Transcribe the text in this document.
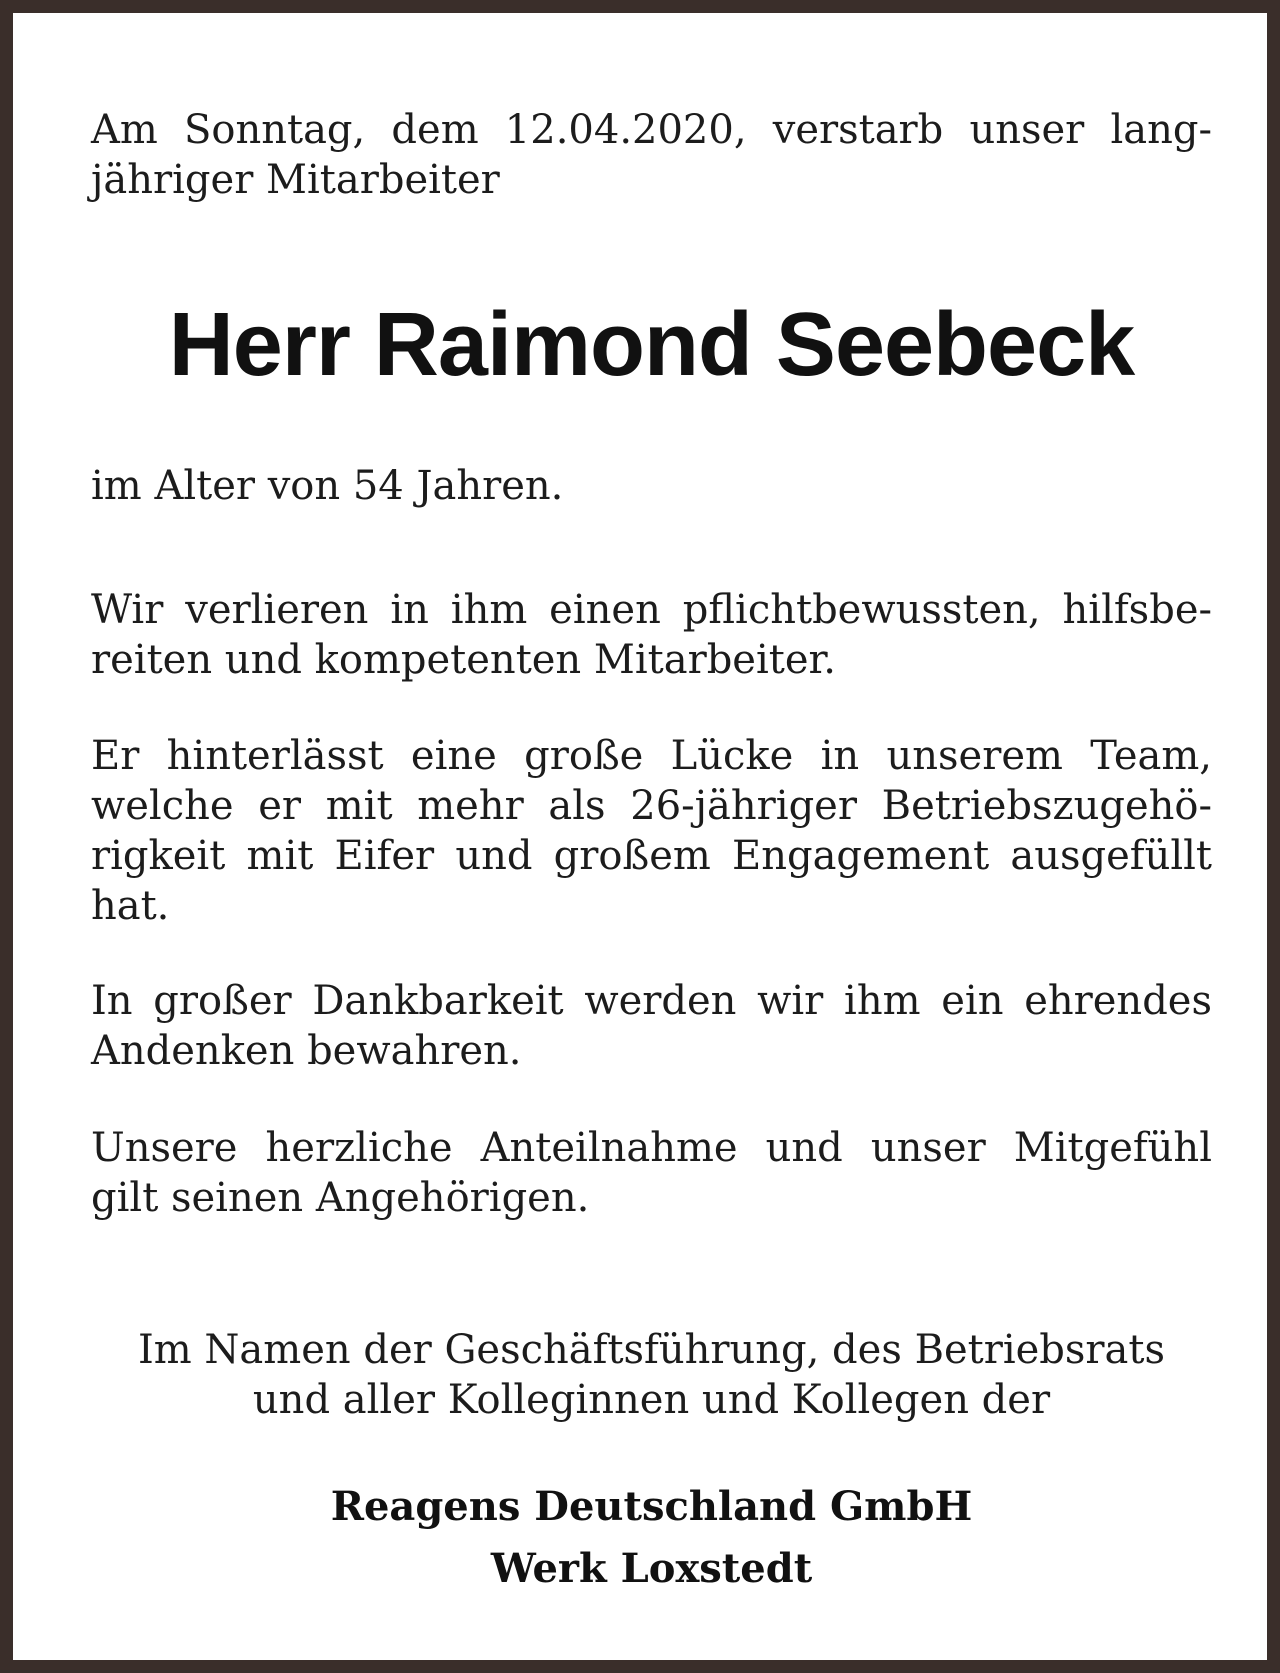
Am Sonntag, dem 12.04.2020, verstarb unser lang-
jähriger Mitarbeiter

Herr Raimond Seebeck

im Alter von 54 Jahren.

Wir verlieren in ihm einen pflichtbewussten, hilfsbe-
reiten und kompetenten Mitarbeiter.

Er hinterlässt eine große Lücke in unserem Team,
welche er mit mehr als 26-jähriger Betriebszugehö-
rigkeit mit Eifer und großem Engagement ausgefüllt
hat.

In großer Dankbarkeit werden wir ihm ein ehrendes
Andenken bewahren.

Unsere herzliche Anteilnahme und unser Mitgefühl
gilt seinen Angehörigen.

Im Namen der Geschäftsführung, des Betriebsrats
und aller Kolleginnen und Kollegen der

Reagens Deutschland GmbH
Werk Loxstedt
